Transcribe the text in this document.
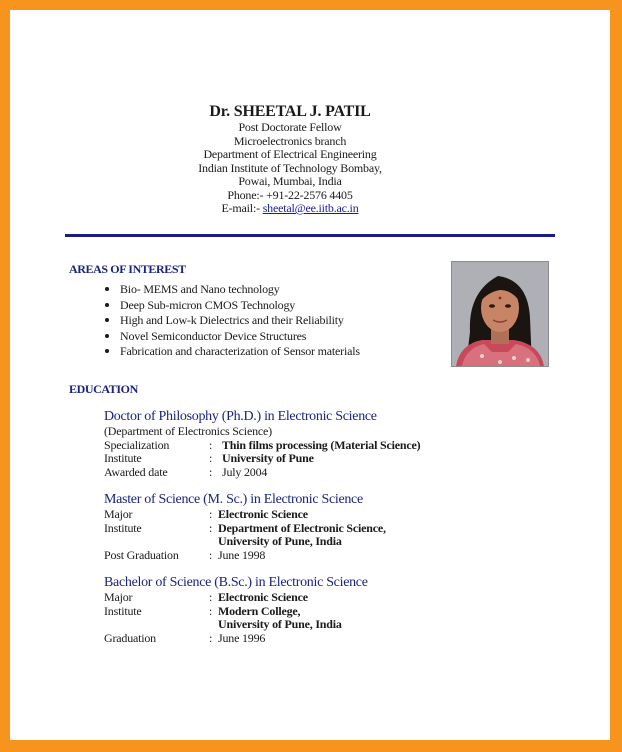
Dr. SHEETAL J. PATIL
Post Doctorate Fellow
Microelectronics branch
Department of Electrical Engineering
Indian Institute of Technology Bombay,
Powai, Mumbai, India
Phone:- +91-22-2576 4405
E-mail:- sheetal@ee.iitb.ac.in
AREAS OF INTEREST
Bio- MEMS and Nano technology
Deep Sub-micron CMOS Technology
High and Low-k Dielectrics and their Reliability
Novel Semiconductor Device Structures
Fabrication and characterization of Sensor materials
EDUCATION
Doctor of Philosophy (Ph.D.) in Electronic Science
(Department of Electronics Science)
Specialization	: Thin films processing (Material Science)
Institute	: University of Pune
Awarded date	: July 2004
Master of Science (M. Sc.) in Electronic Science
Major	: Electronic Science
Institute	: Department of Electronic Science,
University of Pune, India
Post Graduation	: June 1998
Bachelor of Science (B.Sc.) in Electronic Science
Major	: Electronic Science
Institute	: Modern College,
University of Pune, India
Graduation	: June 1996
